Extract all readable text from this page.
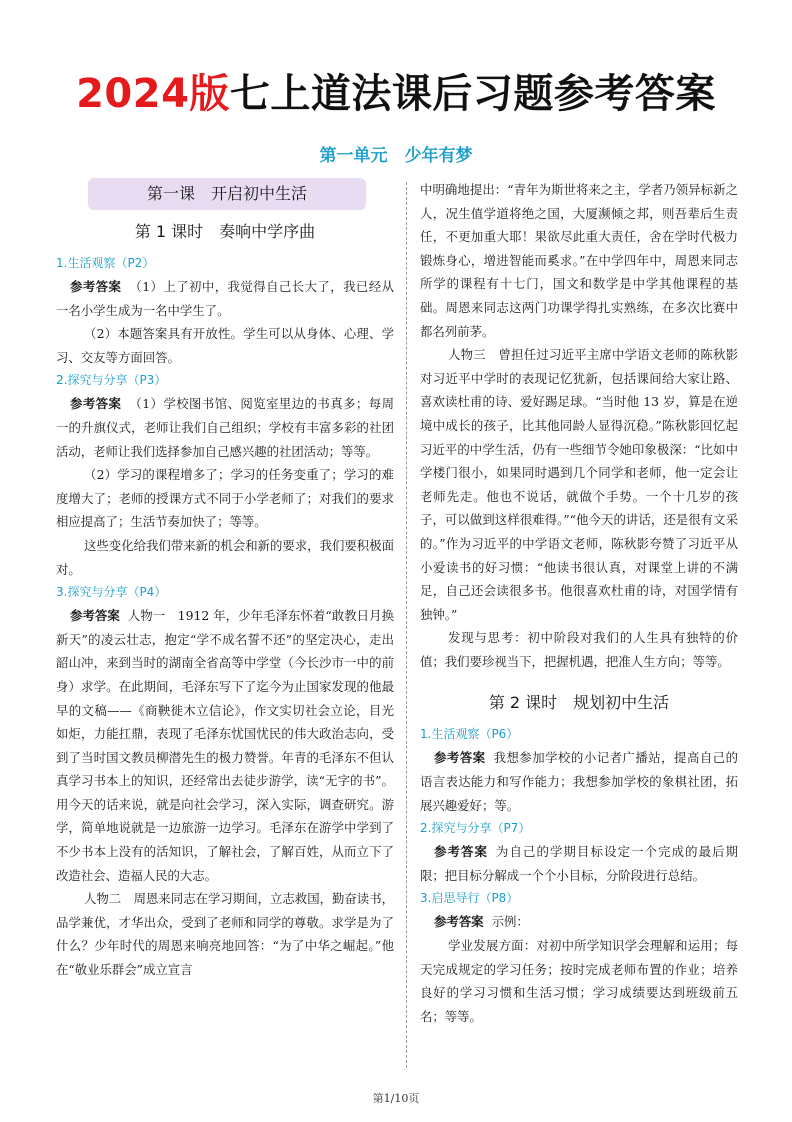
2024版七上道法课后习题参考答案
第一单元　少年有梦
第一课　开启初中生活
第 1 课时　奏响中学序曲
1.生活观察（P2）

参考答案 （1）上了初中，我觉得自己长大了，我已经从一名小学生成为一名中学生了。

（2）本题答案具有开放性。学生可以从身体、心理、学习、交友等方面回答。

2.探究与分享（P3）

参考答案 （1）学校图书馆、阅览室里边的书真多；每周一的升旗仪式，老师让我们自己组织；学校有丰富多彩的社团活动，老师让我们选择参加自己感兴趣的社团活动；等等。

（2）学习的课程增多了；学习的任务变重了；学习的难度增大了；老师的授课方式不同于小学老师了；对我们的要求相应提高了；生活节奏加快了；等等。

这些变化给我们带来新的机会和新的要求，我们要积极面对。

3.探究与分享（P4）

参考答案 人物一　1912 年，少年毛泽东怀着“敢教日月换新天”的凌云壮志，抱定“学不成名誓不还”的坚定决心，走出韶山冲，来到当时的湖南全省高等中学堂（今长沙市一中的前身）求学。在此期间，毛泽东写下了迄今为止国家发现的他最早的文稿——《商鞅徙木立信论》，作文实切社会立论，目光如炬，力能扛鼎，表现了毛泽东忧国忧民的伟大政治志向，受到了当时国文教员柳潜先生的极力赞誉。年青的毛泽东不但认真学习书本上的知识，还经常出去徒步游学，读“无字的书”。用今天的话来说，就是向社会学习，深入实际，调查研究。游学，简单地说就是一边旅游一边学习。毛泽东在游学中学到了不少书本上没有的活知识，了解社会，了解百姓，从而立下了改造社会、造福人民的大志。

人物二　周恩来同志在学习期间，立志救国，勤奋读书，品学兼优，才华出众，受到了老师和同学的尊敬。求学是为了什么？少年时代的周恩来响亮地回答：“为了中华之崛起。”他在“敬业乐群会”成立宣言

中明确地提出：“青年为斯世将来之主，学者乃领异标新之人，况生值学道将绝之国，大厦濒倾之邦，则吾辈后生责任，不更加重大耶！果欲尽此重大责任，舍在学时代极力锻炼身心，增进智能而奚求。”在中学四年中，周恩来同志所学的课程有十七门，国文和数学是中学其他课程的基础。周恩来同志这两门功课学得扎实熟练，在多次比赛中都名列前茅。

人物三　曾担任过习近平主席中学语文老师的陈秋影对习近平中学时的表现记忆犹新，包括课间给大家让路、喜欢读杜甫的诗、爱好踢足球。“当时他 13 岁，算是在逆境中成长的孩子，比其他同龄人显得沉稳。”陈秋影回忆起习近平的中学生活，仍有一些细节令她印象极深：“比如中学楼门很小，如果同时遇到几个同学和老师，他一定会让老师先走。他也不说话，就做个手势。一个十几岁的孩子，可以做到这样很难得。”“他今天的讲话，还是很有文采的。”作为习近平的中学语文老师，陈秋影夸赞了习近平从小爱读书的好习惯：“他读书很认真，对课堂上讲的不满足，自己还会读很多书。他很喜欢杜甫的诗，对国学情有独钟。”

发现与思考：初中阶段对我们的人生具有独特的价值；我们要珍视当下，把握机遇，把准人生方向；等等。

第 2 课时　规划初中生活
1.生活观察（P6）

参考答案 我想参加学校的小记者广播站，提高自己的语言表达能力和写作能力；我想参加学校的象棋社团，拓展兴趣爱好；等。

2.探究与分享（P7）

参考答案 为自己的学期目标设定一个完成的最后期限；把目标分解成一个个小目标，分阶段进行总结。

3.启思导行（P8）

参考答案 示例：

学业发展方面：对初中所学知识学会理解和运用；每天完成规定的学习任务；按时完成老师布置的作业；培养良好的学习习惯和生活习惯；学习成绩要达到班级前五名；等等。

第1/10页
